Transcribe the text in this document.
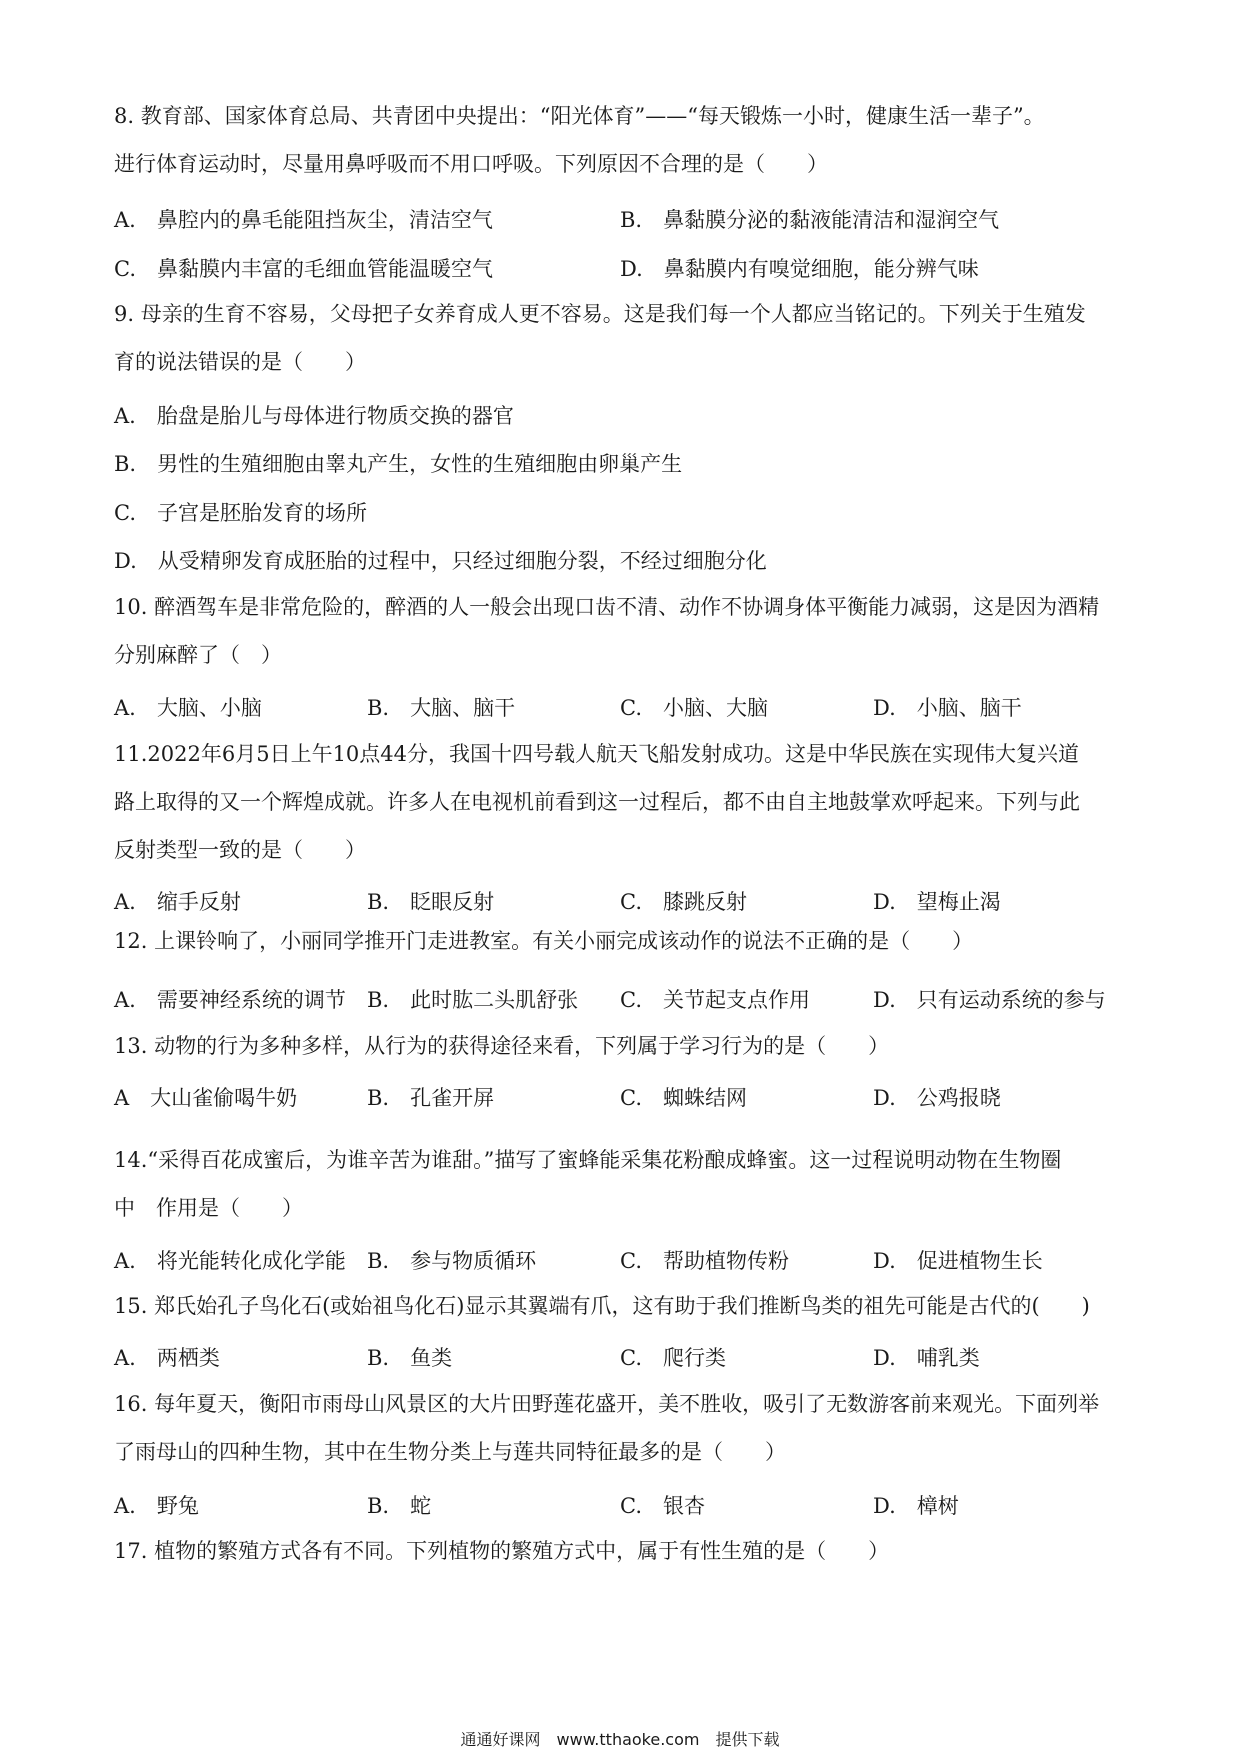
8. 教育部、国家体育总局、共青团中央提出：“阳光体育”——“每天锻炼一小时，健康生活一辈子”。
进行体育运动时，尽量用鼻呼吸而不用口呼吸。下列原因不合理的是（　　）
A.　鼻腔内的鼻毛能阻挡灰尘，清洁空气	B.　鼻黏膜分泌的黏液能清洁和湿润空气
C.　鼻黏膜内丰富的毛细血管能温暖空气	D.　鼻黏膜内有嗅觉细胞，能分辨气味
9. 母亲的生育不容易，父母把子女养育成人更不容易。这是我们每一个人都应当铭记的。下列关于生殖发
育的说法错误的是（　　）
A.　胎盘是胎儿与母体进行物质交换的器官
B.　男性的生殖细胞由睾丸产生，女性的生殖细胞由卵巢产生
C.　子宫是胚胎发育的场所
D.　从受精卵发育成胚胎的过程中，只经过细胞分裂，不经过细胞分化
10. 醉酒驾车是非常危险的，醉酒的人一般会出现口齿不清、动作不协调身体平衡能力减弱，这是因为酒精
分别麻醉了（　）
A.　大脑、小脑	B.　大脑、脑干	C.　小脑、大脑	D.　小脑、脑干
11.2022年6月5日上午10点44分，我国十四号载人航天飞船发射成功。这是中华民族在实现伟大复兴道
路上取得的又一个辉煌成就。许多人在电视机前看到这一过程后，都不由自主地鼓掌欢呼起来。下列与此
反射类型一致的是（　　）
A.　缩手反射	B.　眨眼反射	C.　膝跳反射	D.　望梅止渴
12. 上课铃响了，小丽同学推开门走进教室。有关小丽完成该动作的说法不正确的是（　　）
A.　需要神经系统的调节 B.　此时肱二头肌舒张 C.　关节起支点作用	D.　只有运动系统的参与
13. 动物的行为多种多样，从行为的获得途径来看，下列属于学习行为的是（　　）
A　大山雀偷喝牛奶	B.　孔雀开屏	C.　蜘蛛结网	D.　公鸡报晓
14.“采得百花成蜜后，为谁辛苦为谁甜。”描写了蜜蜂能采集花粉酿成蜂蜜。这一过程说明动物在生物圈
中　作用是（　　）
A.　将光能转化成化学能 B.　参与物质循环	C.　帮助植物传粉	D.　促进植物生长
15. 郑氏始孔子鸟化石(或始祖鸟化石)显示其翼端有爪，这有助于我们推断鸟类的祖先可能是古代的(　　)
A.　两栖类	B.　鱼类	C.　爬行类	D.　哺乳类
16. 每年夏天，衡阳市雨母山风景区的大片田野莲花盛开，美不胜收，吸引了无数游客前来观光。下面列举
了雨母山的四种生物，其中在生物分类上与莲共同特征最多的是（　　）
A.　野兔	B.　蛇	C.　银杏	D.　樟树
17. 植物的繁殖方式各有不同。下列植物的繁殖方式中，属于有性生殖的是（　　）
通通好课网　www.tthaoke.com　提供下载
